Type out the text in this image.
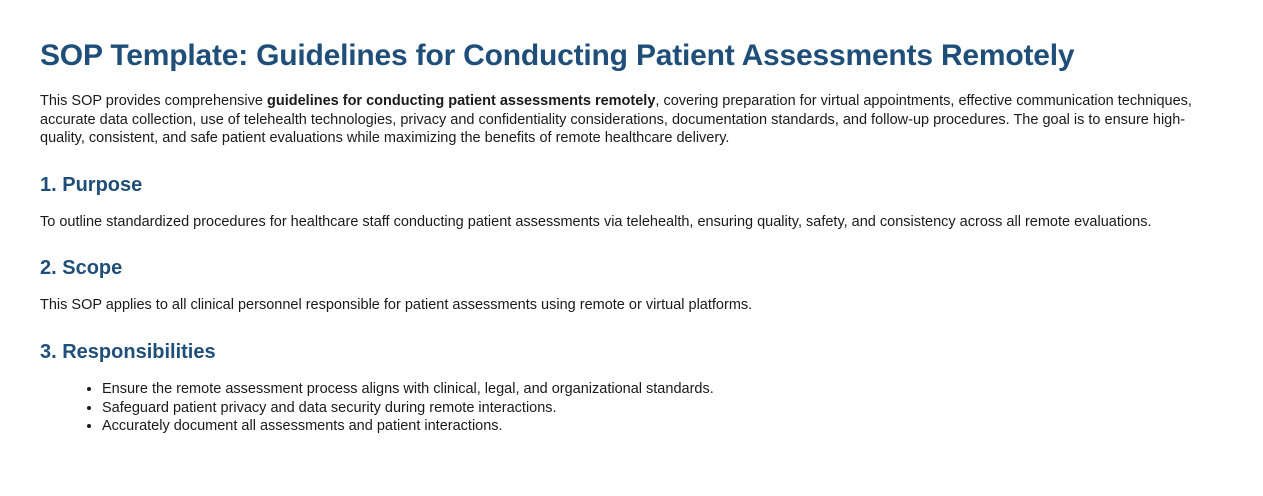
SOP Template: Guidelines for Conducting Patient Assessments Remotely

This SOP provides comprehensive guidelines for conducting patient assessments remotely, covering preparation for virtual appointments, effective communication techniques, accurate data collection, use of telehealth technologies, privacy and confidentiality considerations, documentation standards, and follow-up procedures. The goal is to ensure high-quality, consistent, and safe patient evaluations while maximizing the benefits of remote healthcare delivery.

1. Purpose

To outline standardized procedures for healthcare staff conducting patient assessments via telehealth, ensuring quality, safety, and consistency across all remote evaluations.

2. Scope

This SOP applies to all clinical personnel responsible for patient assessments using remote or virtual platforms.

3. Responsibilities
• Ensure the remote assessment process aligns with clinical, legal, and organizational standards.
• Safeguard patient privacy and data security during remote interactions.
• Accurately document all assessments and patient interactions.
